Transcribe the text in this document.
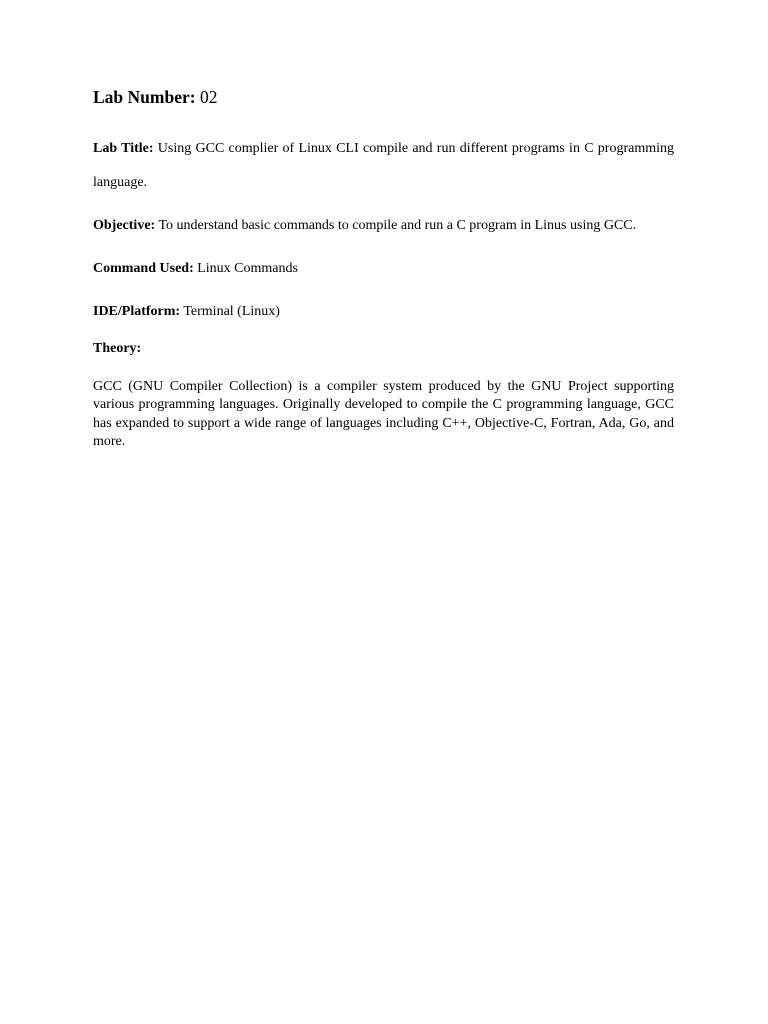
Lab Number: 02

Lab Title: Using GCC complier of Linux CLI compile and run different programs in C programming language.

Objective: To understand basic commands to compile and run a C program in Linus using GCC.

Command Used: Linux Commands

IDE/Platform: Terminal (Linux)

Theory:

GCC (GNU Compiler Collection) is a compiler system produced by the GNU Project supporting various programming languages. Originally developed to compile the C programming language, GCC has expanded to support a wide range of languages including C++, Objective-C, Fortran, Ada, Go, and more.
